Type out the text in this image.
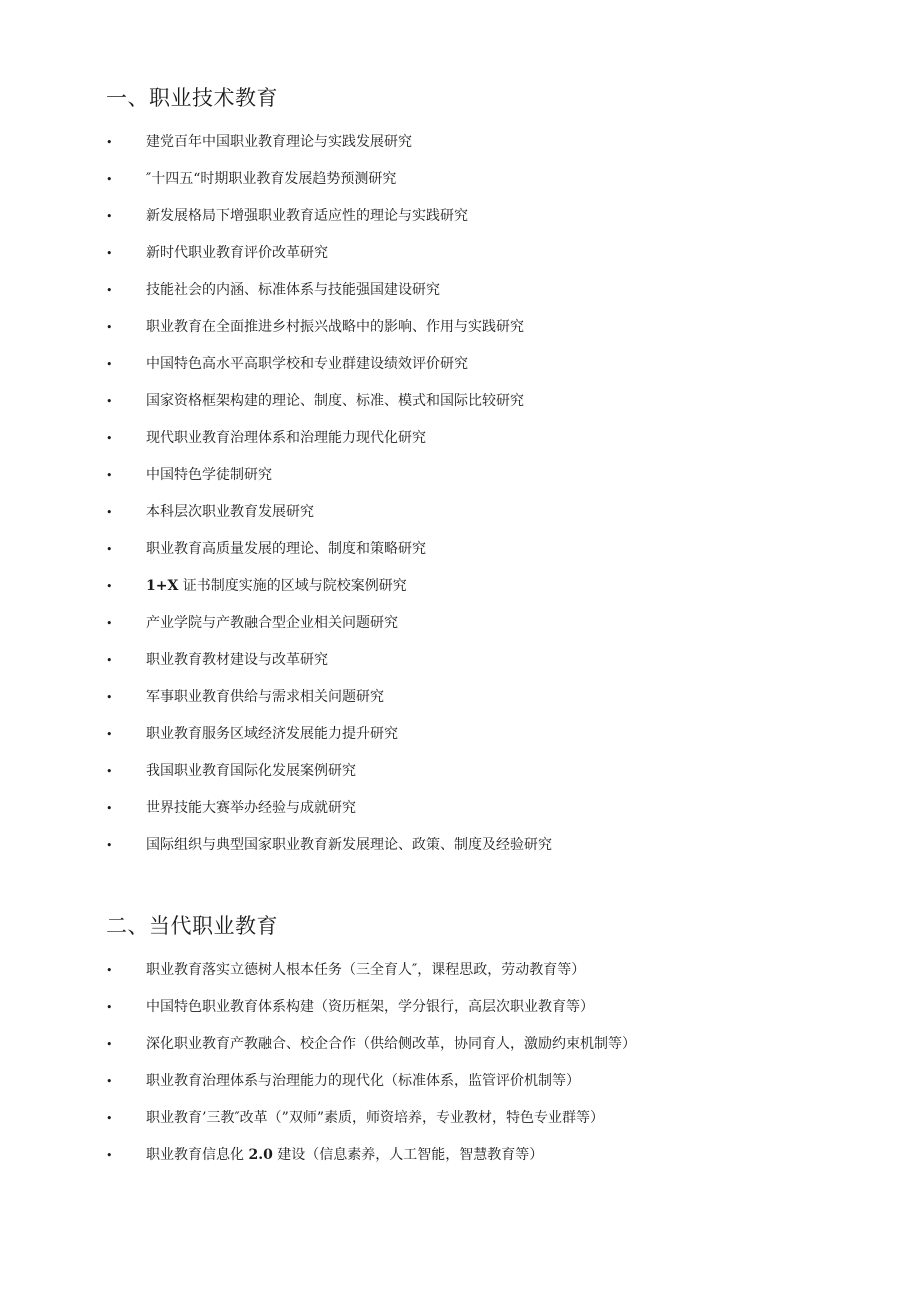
一、职业技术教育
•	建党百年中国职业教育理论与实践发展研究
•	″十四五“时期职业教育发展趋势预测研究
•	新发展格局下增强职业教育适应性的理论与实践研究
•	新时代职业教育评价改革研究
•	技能社会的内涵、标准体系与技能强国建设研究
•	职业教育在全面推进乡村振兴战略中的影响、作用与实践研究
•	中国特色高水平高职学校和专业群建设绩效评价研究
•	国家资格框架构建的理论、制度、标准、模式和国际比较研究
•	现代职业教育治理体系和治理能力现代化研究
•	中国特色学徒制研究
•	本科层次职业教育发展研究
•	职业教育高质量发展的理论、制度和策略研究
•	1+X 证书制度实施的区域与院校案例研究
•	产业学院与产教融合型企业相关问题研究
•	职业教育教材建设与改革研究
•	军事职业教育供给与需求相关问题研究
•	职业教育服务区域经济发展能力提升研究
•	我国职业教育国际化发展案例研究
•	世界技能大赛举办经验与成就研究
•	国际组织与典型国家职业教育新发展理论、政策、制度及经验研究
二、当代职业教育
•	职业教育落实立德树人根本任务（三全育人″，课程思政，劳动教育等）
•	中国特色职业教育体系构建（资历框架，学分银行，高层次职业教育等）
•	深化职业教育产教融合、校企合作（供给侧改革，协同育人，激励约束机制等）
•	职业教育治理体系与治理能力的现代化（标准体系，监管评价机制等）
•	职业教育’三教″改革（”双师”素质，师资培养，专业教材，特色专业群等）
•	职业教育信息化 2.0 建设（信息素养，人工智能，智慧教育等）
